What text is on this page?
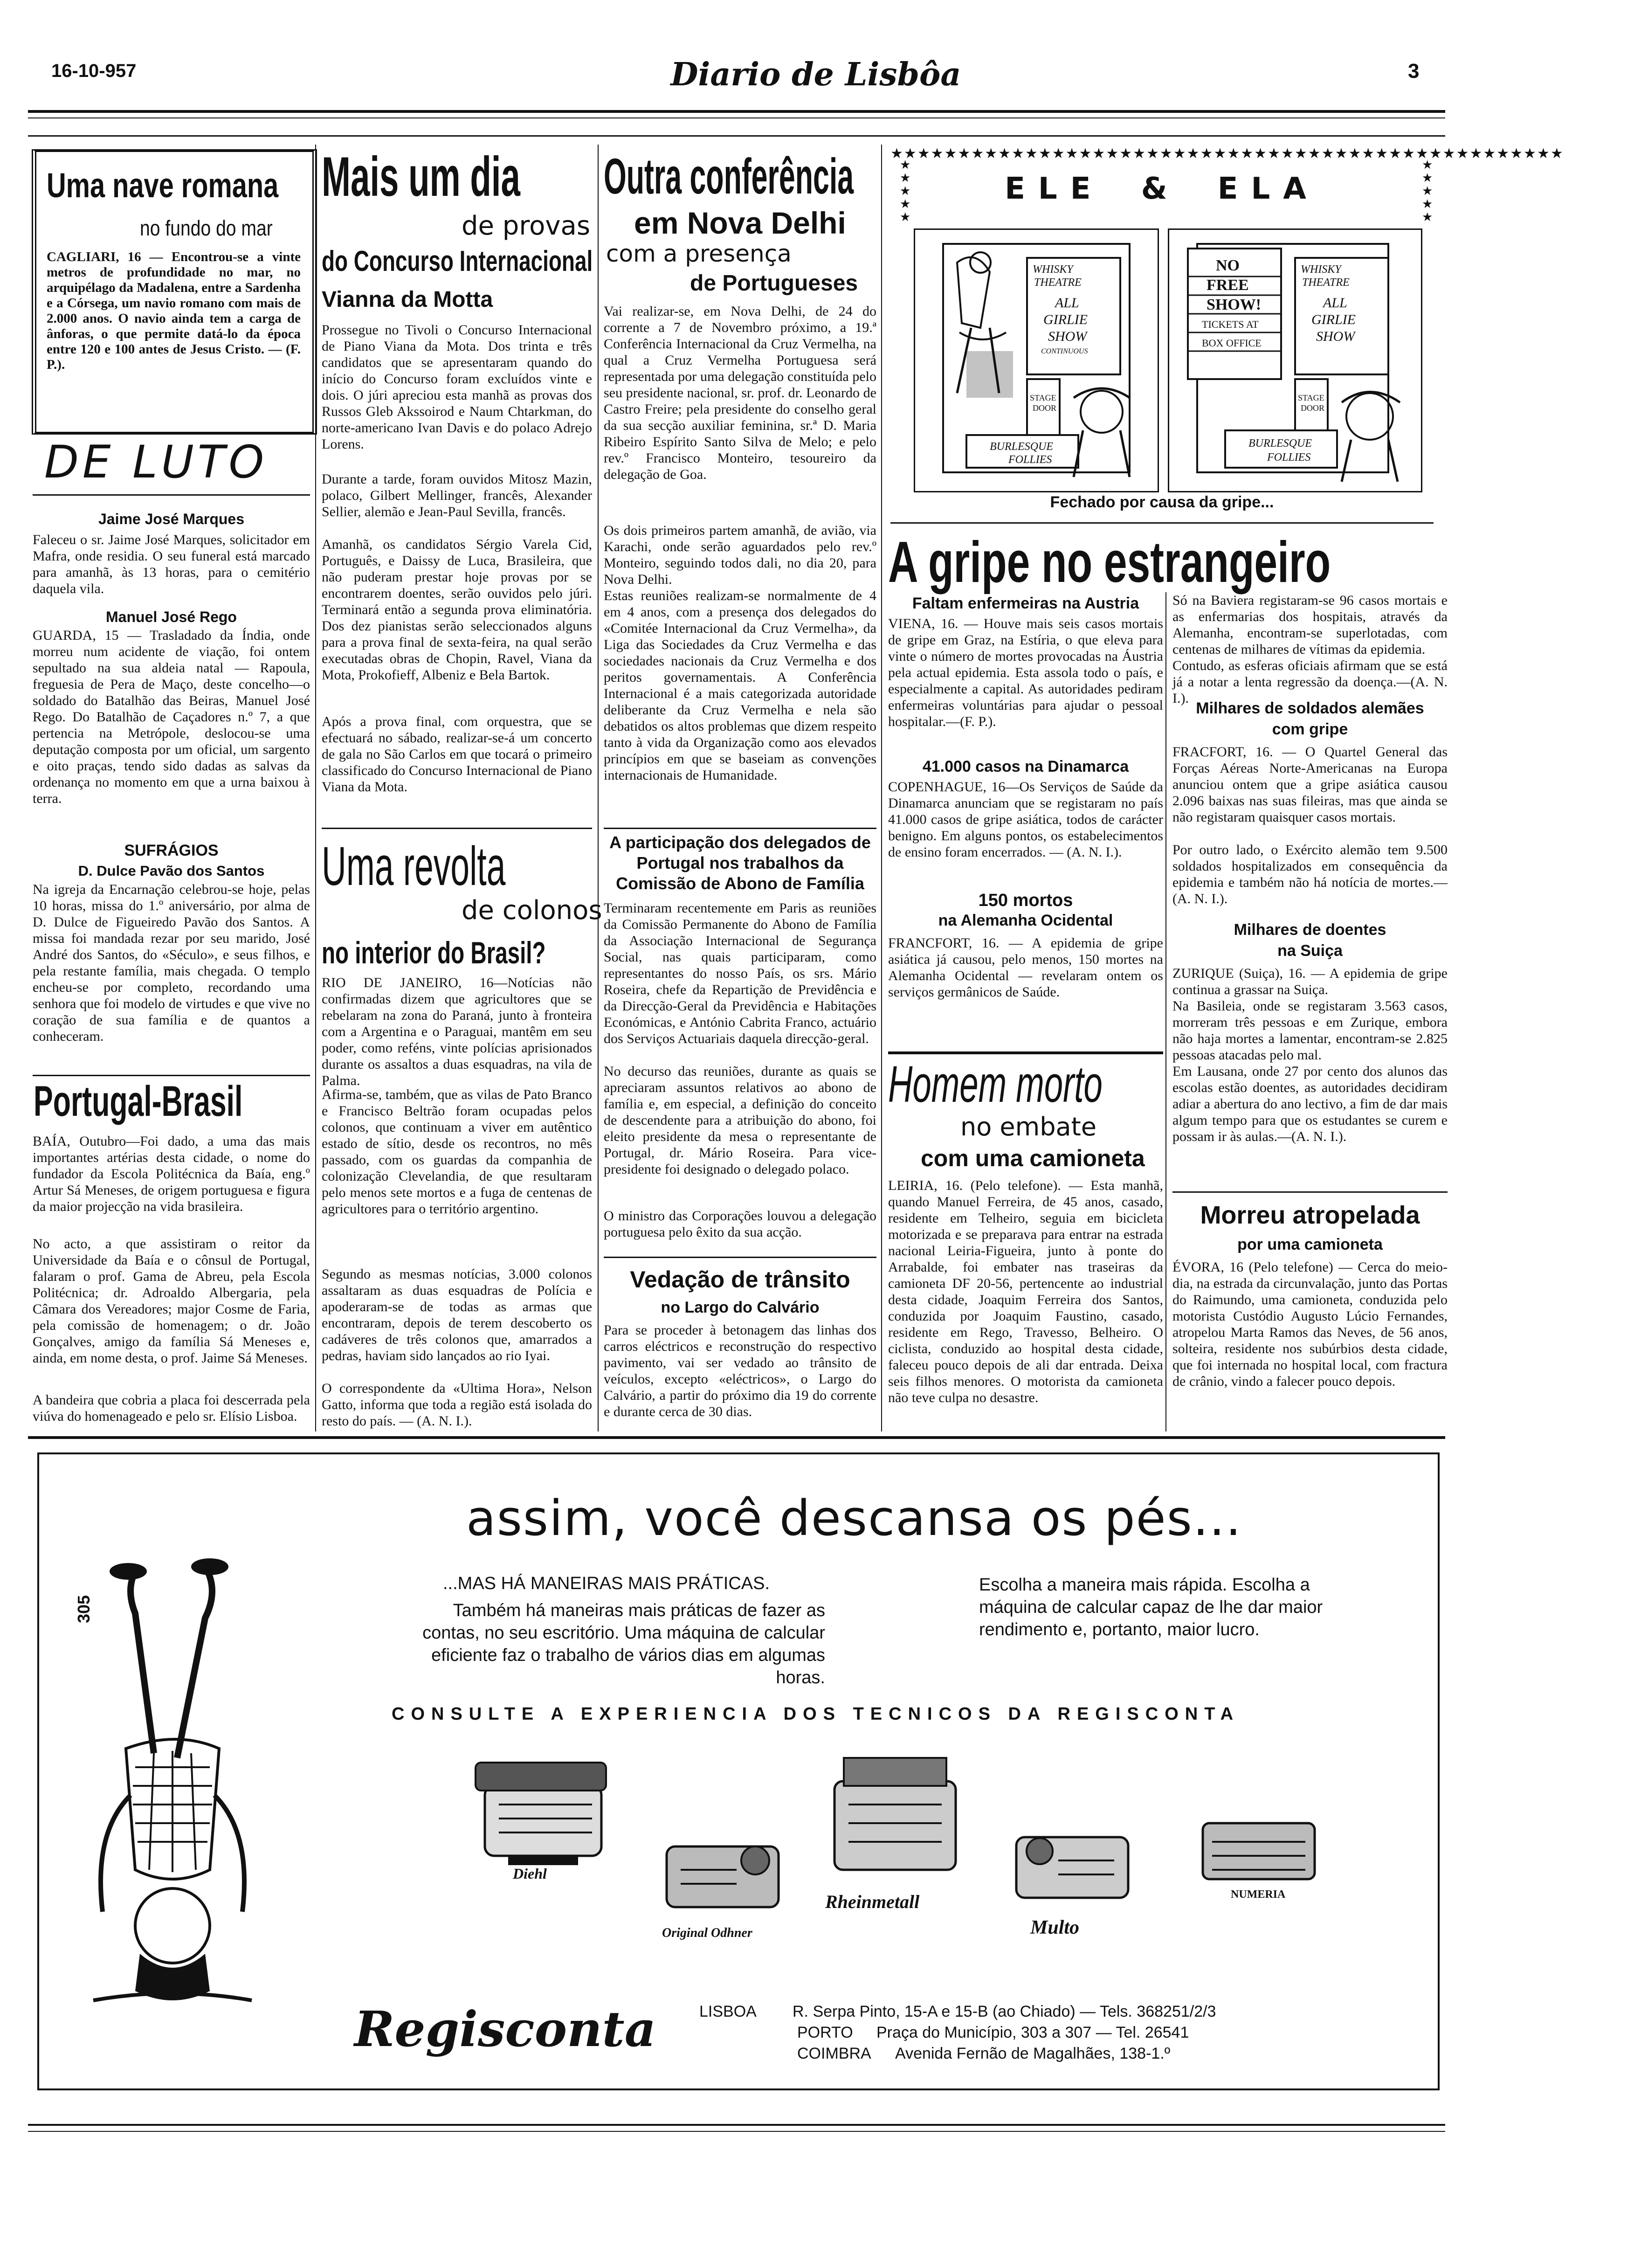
16-10-957	Diario de Lisbôa	3
Uma nave romana
no fundo do mar
CAGLIARI, 16 — Encontrou-se a vinte metros de profundidade no mar, no arquipélago da Madalena, entre a Sardenha e a Córsega, um navio romano com mais de 2.000 anos. O navio ainda tem a carga de ânforas, o que permite datá-lo da época entre 120 e 100 antes de Jesus Cristo. — (F. P.).
DE LUTO
Jaime José Marques
Faleceu o sr. Jaime José Marques, solicitador em Mafra, onde residia. O seu funeral está marcado para amanhã, às 13 horas, para o cemitério daquela vila.
Manuel José Rego
GUARDA, 15 — Trasladado da Índia, onde morreu num acidente de viação, foi ontem sepultado na sua aldeia natal — Rapoula, freguesia de Pera de Maço, deste concelho—o soldado do Batalhão das Beiras, Manuel José Rego. Do Batalhão de Caçadores n.º 7, a que pertencia na Metrópole, deslocou-se uma deputação composta por um oficial, um sargento e oito praças, tendo sido dadas as salvas da ordenança no momento em que a urna baixou à terra.
SUFRÁGIOS
D. Dulce Pavão dos Santos
Na igreja da Encarnação celebrou-se hoje, pelas 10 horas, missa do 1.º aniversário, por alma de D. Dulce de Figueiredo Pavão dos Santos. A missa foi mandada rezar por seu marido, José André dos Santos, do «Século», e seus filhos, e pela restante família, mais chegada. O templo encheu-se por completo, recordando uma senhora que foi modelo de virtudes e que vive no coração de sua família e de quantos a conheceram.
Portugal-Brasil
BAÍA, Outubro—Foi dado, a uma das mais importantes artérias desta cidade, o nome do fundador da Escola Politécnica da Baía, eng.º Artur Sá Meneses, de origem portuguesa e figura da maior projecção na vida brasileira.
No acto, a que assistiram o reitor da Universidade da Baía e o cônsul de Portugal, falaram o prof. Gama de Abreu, pela Escola Politécnica; dr. Adroaldo Albergaria, pela Câmara dos Vereadores; major Cosme de Faria, pela comissão de homenagem; o dr. João Gonçalves, amigo da família Sá Meneses e, ainda, em nome desta, o prof. Jaime Sá Meneses.
A bandeira que cobria a placa foi descerrada pela viúva do homenageado e pelo sr. Elísio Lisboa.
Mais um dia
de provas
do Concurso Internacional
Vianna da Motta
Prossegue no Tivoli o Concurso Internacional de Piano Viana da Mota. Dos trinta e três candidatos que se apresentaram quando do início do Concurso foram excluídos vinte e dois. O júri apreciou esta manhã as provas dos Russos Gleb Akssoirod e Naum Chtarkman, do norte-americano Ivan Davis e do polaco Adrejo Lorens.
Durante a tarde, foram ouvidos Mitosz Mazin, polaco, Gilbert Mellinger, francês, Alexander Sellier, alemão e Jean-Paul Sevilla, francês.
Amanhã, os candidatos Sérgio Varela Cid, Português, e Daissy de Luca, Brasileira, que não puderam prestar hoje provas por se encontrarem doentes, serão ouvidos pelo júri. Terminará então a segunda prova eliminatória. Dos dez pianistas serão seleccionados alguns para a prova final de sexta-feira, na qual serão executadas obras de Chopin, Ravel, Viana da Mota, Prokofieff, Albeniz e Bela Bartok.
Após a prova final, com orquestra, que se efectuará no sábado, realizar-se-á um concerto de gala no São Carlos em que tocará o primeiro classificado do Concurso Internacional de Piano Viana da Mota.
Uma revolta
de colonos
no interior do Brasil?
RIO DE JANEIRO, 16—Notícias não confirmadas dizem que agricultores que se rebelaram na zona do Paraná, junto à fronteira com a Argentina e o Paraguai, mantêm em seu poder, como reféns, vinte polícias aprisionados durante os assaltos a duas esquadras, na vila de Palma.
Afirma-se, também, que as vilas de Pato Branco e Francisco Beltrão foram ocupadas pelos colonos, que continuam a viver em autêntico estado de sítio, desde os recontros, no mês passado, com os guardas da companhia de colonização Clevelandia, de que resultaram pelo menos sete mortos e a fuga de centenas de agricultores para o território argentino.
Segundo as mesmas notícias, 3.000 colonos assaltaram as duas esquadras de Polícia e apoderaram-se de todas as armas que encontraram, depois de terem descoberto os cadáveres de três colonos que, amarrados a pedras, haviam sido lançados ao rio Iyai.
O correspondente da «Ultima Hora», Nelson Gatto, informa que toda a região está isolada do resto do país. — (A. N. I.).
Outra conferência
em Nova Delhi
com a presença
de Portugueses
Vai realizar-se, em Nova Delhi, de 24 do corrente a 7 de Novembro próximo, a 19.ª Conferência Internacional da Cruz Vermelha, na qual a Cruz Vermelha Portuguesa será representada por uma delegação constituída pelo seu presidente nacional, sr. prof. dr. Leonardo de Castro Freire; pela presidente do conselho geral da sua secção auxiliar feminina, sr.ª D. Maria Ribeiro Espírito Santo Silva de Melo; e pelo rev.º Francisco Monteiro, tesoureiro da delegação de Goa.
Os dois primeiros partem amanhã, de avião, via Karachi, onde serão aguardados pelo rev.º Monteiro, seguindo todos dali, no dia 20, para Nova Delhi.
Estas reuniões realizam-se normalmente de 4 em 4 anos, com a presença dos delegados do «Comitée Internacional da Cruz Vermelha», da Liga das Sociedades da Cruz Vermelha e das sociedades nacionais da Cruz Vermelha e dos peritos governamentais. A Conferência Internacional é a mais categorizada autoridade deliberante da Cruz Vermelha e nela são debatidos os altos problemas que dizem respeito tanto à vida da Organização como aos elevados princípios em que se baseiam as convenções internacionais de Humanidade.
A participação dos delegados de Portugal nos trabalhos da Comissão de Abono de Família
Terminaram recentemente em Paris as reuniões da Comissão Permanente do Abono de Família da Associação Internacional de Segurança Social, nas quais participaram, como representantes do nosso País, os srs. Mário Roseira, chefe da Repartição de Previdência e da Direcção-Geral da Previdência e Habitações Económicas, e António Cabrita Franco, actuário dos Serviços Actuariais daquela direcção-geral.
No decurso das reuniões, durante as quais se apreciaram assuntos relativos ao abono de família e, em especial, a definição do conceito de descendente para a atribuição do abono, foi eleito presidente da mesa o representante de Portugal, dr. Mário Roseira. Para vice-presidente foi designado o delegado polaco.
O ministro das Corporações louvou a delegação portuguesa pelo êxito da sua acção.
Vedação de trânsito
no Largo do Calvário
Para se proceder à betonagem das linhas dos carros eléctricos e reconstrução do respectivo pavimento, vai ser vedado ao trânsito de veículos, excepto «eléctricos», o Largo do Calvário, a partir do próximo dia 19 do corrente e durante cerca de 30 dias.
★★★★★★★★★★★★★★★★★★★★★★★★★★★★★★★★★★★★★★★★★★★★★★★★★★
ELE & ELA
★
★
★
★
★
★
★
★
★
★
WHISKY
THEATRE
ALL
GIRLIE
SHOW
CONTINUOUS
STAGE
DOOR
BURLESQUE
FOLLIES
NO
FREE
SHOW!
TICKETS AT
BOX OFFICE
WHISKY
THEATRE
ALL
GIRLIE
SHOW
STAGE
DOOR
BURLESQUE
FOLLIES
Fechado por causa da gripe...
A gripe no estrangeiro
Faltam enfermeiras na Austria
VIENA, 16. — Houve mais seis casos mortais de gripe em Graz, na Estíria, o que eleva para vinte o número de mortes provocadas na Áustria pela actual epidemia. Esta assola todo o país, e especialmente a capital. As autoridades pediram enfermeiras voluntárias para ajudar o pessoal hospitalar.—(F. P.).
41.000 casos na Dinamarca
COPENHAGUE, 16—Os Serviços de Saúde da Dinamarca anunciam que se registaram no país 41.000 casos de gripe asiática, todos de carácter benigno. Em alguns pontos, os estabelecimentos de ensino foram encerrados. — (A. N. I.).
150 mortos
na Alemanha Ocidental
FRANCFORT, 16. — A epidemia de gripe asiática já causou, pelo menos, 150 mortes na Alemanha Ocidental — revelaram ontem os serviços germânicos de Saúde.
Só na Baviera registaram-se 96 casos mortais e as enfermarias dos hospitais, através da Alemanha, encontram-se superlotadas, com centenas de milhares de vítimas da epidemia.
Contudo, as esferas oficiais afirmam que se está já a notar a lenta regressão da doença.—(A. N. I.).
Milhares de soldados alemães
com gripe
FRACFORT, 16. — O Quartel General das Forças Aéreas Norte-Americanas na Europa anunciou ontem que a gripe asiática causou 2.096 baixas nas suas fileiras, mas que ainda se não registaram quaisquer casos mortais.
Por outro lado, o Exército alemão tem 9.500 soldados hospitalizados em consequência da epidemia e também não há notícia de mortes.—(A. N. I.).
Milhares de doentes
na Suiça
ZURIQUE (Suiça), 16. — A epidemia de gripe continua a grassar na Suiça.
Na Basileia, onde se registaram 3.563 casos, morreram três pessoas e em Zurique, embora não haja mortes a lamentar, encontram-se 2.825 pessoas atacadas pelo mal.
Em Lausana, onde 27 por cento dos alunos das escolas estão doentes, as autoridades decidiram adiar a abertura do ano lectivo, a fim de dar mais algum tempo para que os estudantes se curem e possam ir às aulas.—(A. N. I.).
Homem morto
no embate
com uma camioneta
LEIRIA, 16. (Pelo telefone). — Esta manhã, quando Manuel Ferreira, de 45 anos, casado, residente em Telheiro, seguia em bicicleta motorizada e se preparava para entrar na estrada nacional Leiria-Figueira, junto à ponte do Arrabalde, foi embater nas traseiras da camioneta DF 20-56, pertencente ao industrial desta cidade, Joaquim Ferreira dos Santos, conduzida por Joaquim Faustino, casado, residente em Rego, Travesso, Belheiro. O ciclista, conduzido ao hospital desta cidade, faleceu pouco depois de ali dar entrada. Deixa seis filhos menores. O motorista da camioneta não teve culpa no desastre.
Morreu atropelada
por uma camioneta
ÉVORA, 16 (Pelo telefone) — Cerca do meio-dia, na estrada da circunvalação, junto das Portas do Raimundo, uma camioneta, conduzida pelo motorista Custódio Augusto Lúcio Fernandes, atropelou Marta Ramos das Neves, de 56 anos, solteira, residente nos subúrbios desta cidade, que foi internada no hospital local, com fractura de crânio, vindo a falecer pouco depois.
assim, você descansa os pés...
...MAS HÁ MANEIRAS MAIS PRÁTICAS.
Também há maneiras mais práticas de fazer as contas, no seu escritório. Uma máquina de calcular eficiente faz o trabalho de vários dias em algumas horas.
Escolha a maneira mais rápida. Escolha a máquina de calcular capaz de lhe dar maior rendimento e, portanto, maior lucro.
CONSULTE A EXPERIENCIA DOS TECNICOS DA REGISCONTA
305
Diehl
Original Odhner
Rheinmetall
Multo
NUMERIA
Regisconta	LISBOA R. Serpa Pinto, 15-A e 15-B (ao Chiado) — Tels. 368251/2/3
PORTO Praça do Município, 303 a 307 — Tel. 26541
COIMBRA Avenida Fernão de Magalhães, 138-1.º
